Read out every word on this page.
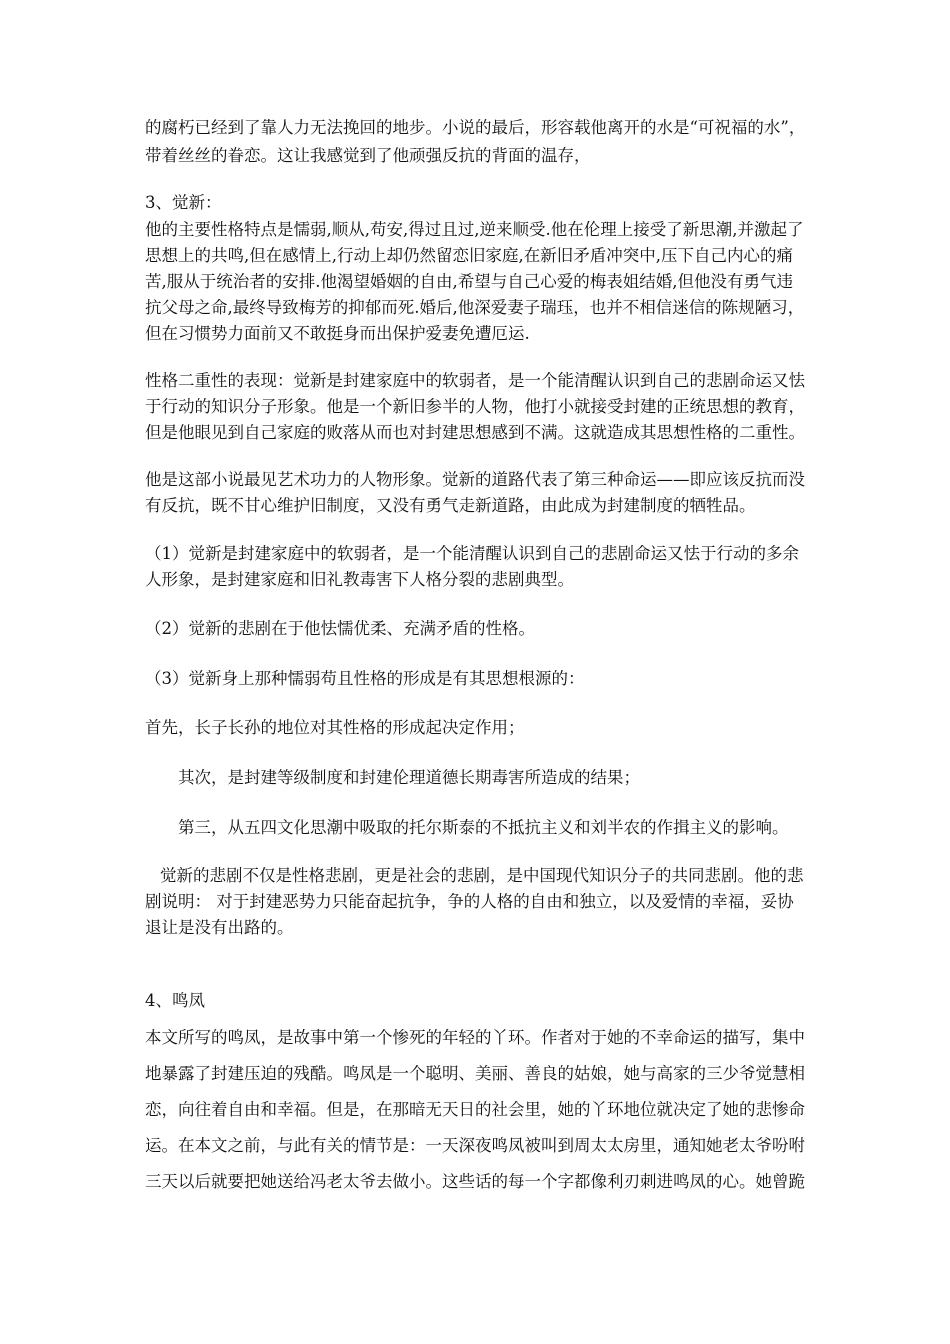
的腐朽已经到了靠人力无法挽回的地步。小说的最后，形容载他离开的水是“可祝福的水”，

带着丝丝的眷恋。这让我感觉到了他顽强反抗的背面的温存，

3、觉新：

他的主要性格特点是懦弱,顺从,苟安,得过且过,逆来顺受.他在伦理上接受了新思潮,并激起了

思想上的共鸣,但在感情上,行动上却仍然留恋旧家庭,在新旧矛盾冲突中,压下自己内心的痛

苦,服从于统治者的安排.他渴望婚姻的自由,希望与自己心爱的梅表姐结婚,但他没有勇气违

抗父母之命,最终导致梅芳的抑郁而死.婚后,他深爱妻子瑞珏，也并不相信迷信的陈规陋习，

但在习惯势力面前又不敢挺身而出保护爱妻免遭厄运.

性格二重性的表现：觉新是封建家庭中的软弱者，是一个能清醒认识到自己的悲剧命运又怯

于行动的知识分子形象。他是一个新旧参半的人物，他打小就接受封建的正统思想的教育，

但是他眼见到自己家庭的败落从而也对封建思想感到不满。这就造成其思想性格的二重性。

他是这部小说最见艺术功力的人物形象。觉新的道路代表了第三种命运——即应该反抗而没

有反抗，既不甘心维护旧制度，又没有勇气走新道路，由此成为封建制度的牺牲品。

（1）觉新是封建家庭中的软弱者，是一个能清醒认识到自己的悲剧命运又怯于行动的多余

人形象，是封建家庭和旧礼教毒害下人格分裂的悲剧典型。

（2）觉新的悲剧在于他怯懦优柔、充满矛盾的性格。

（3）觉新身上那种懦弱苟且性格的形成是有其思想根源的：

首先，长子长孙的地位对其性格的形成起决定作用；

其次，是封建等级制度和封建伦理道德长期毒害所造成的结果；

第三，从五四文化思潮中吸取的托尔斯泰的不抵抗主义和刘半农的作揖主义的影响。

觉新的悲剧不仅是性格悲剧，更是社会的悲剧，是中国现代知识分子的共同悲剧。他的悲

剧说明： 对于封建恶势力只能奋起抗争，争的人格的自由和独立，以及爱情的幸福，妥协

退让是没有出路的。

4、鸣凤

本文所写的鸣凤，是故事中第一个惨死的年轻的丫环。作者对于她的不幸命运的描写，集中

地暴露了封建压迫的残酷。鸣凤是一个聪明、美丽、善良的姑娘，她与高家的三少爷觉慧相

恋，向往着自由和幸福。但是，在那暗无天日的社会里，她的丫环地位就决定了她的悲惨命

运。在本文之前，与此有关的情节是：一天深夜鸣凤被叫到周太太房里，通知她老太爷吩咐

三天以后就要把她送给冯老太爷去做小。这些话的每一个字都像利刃刺进鸣凤的心。她曾跪
